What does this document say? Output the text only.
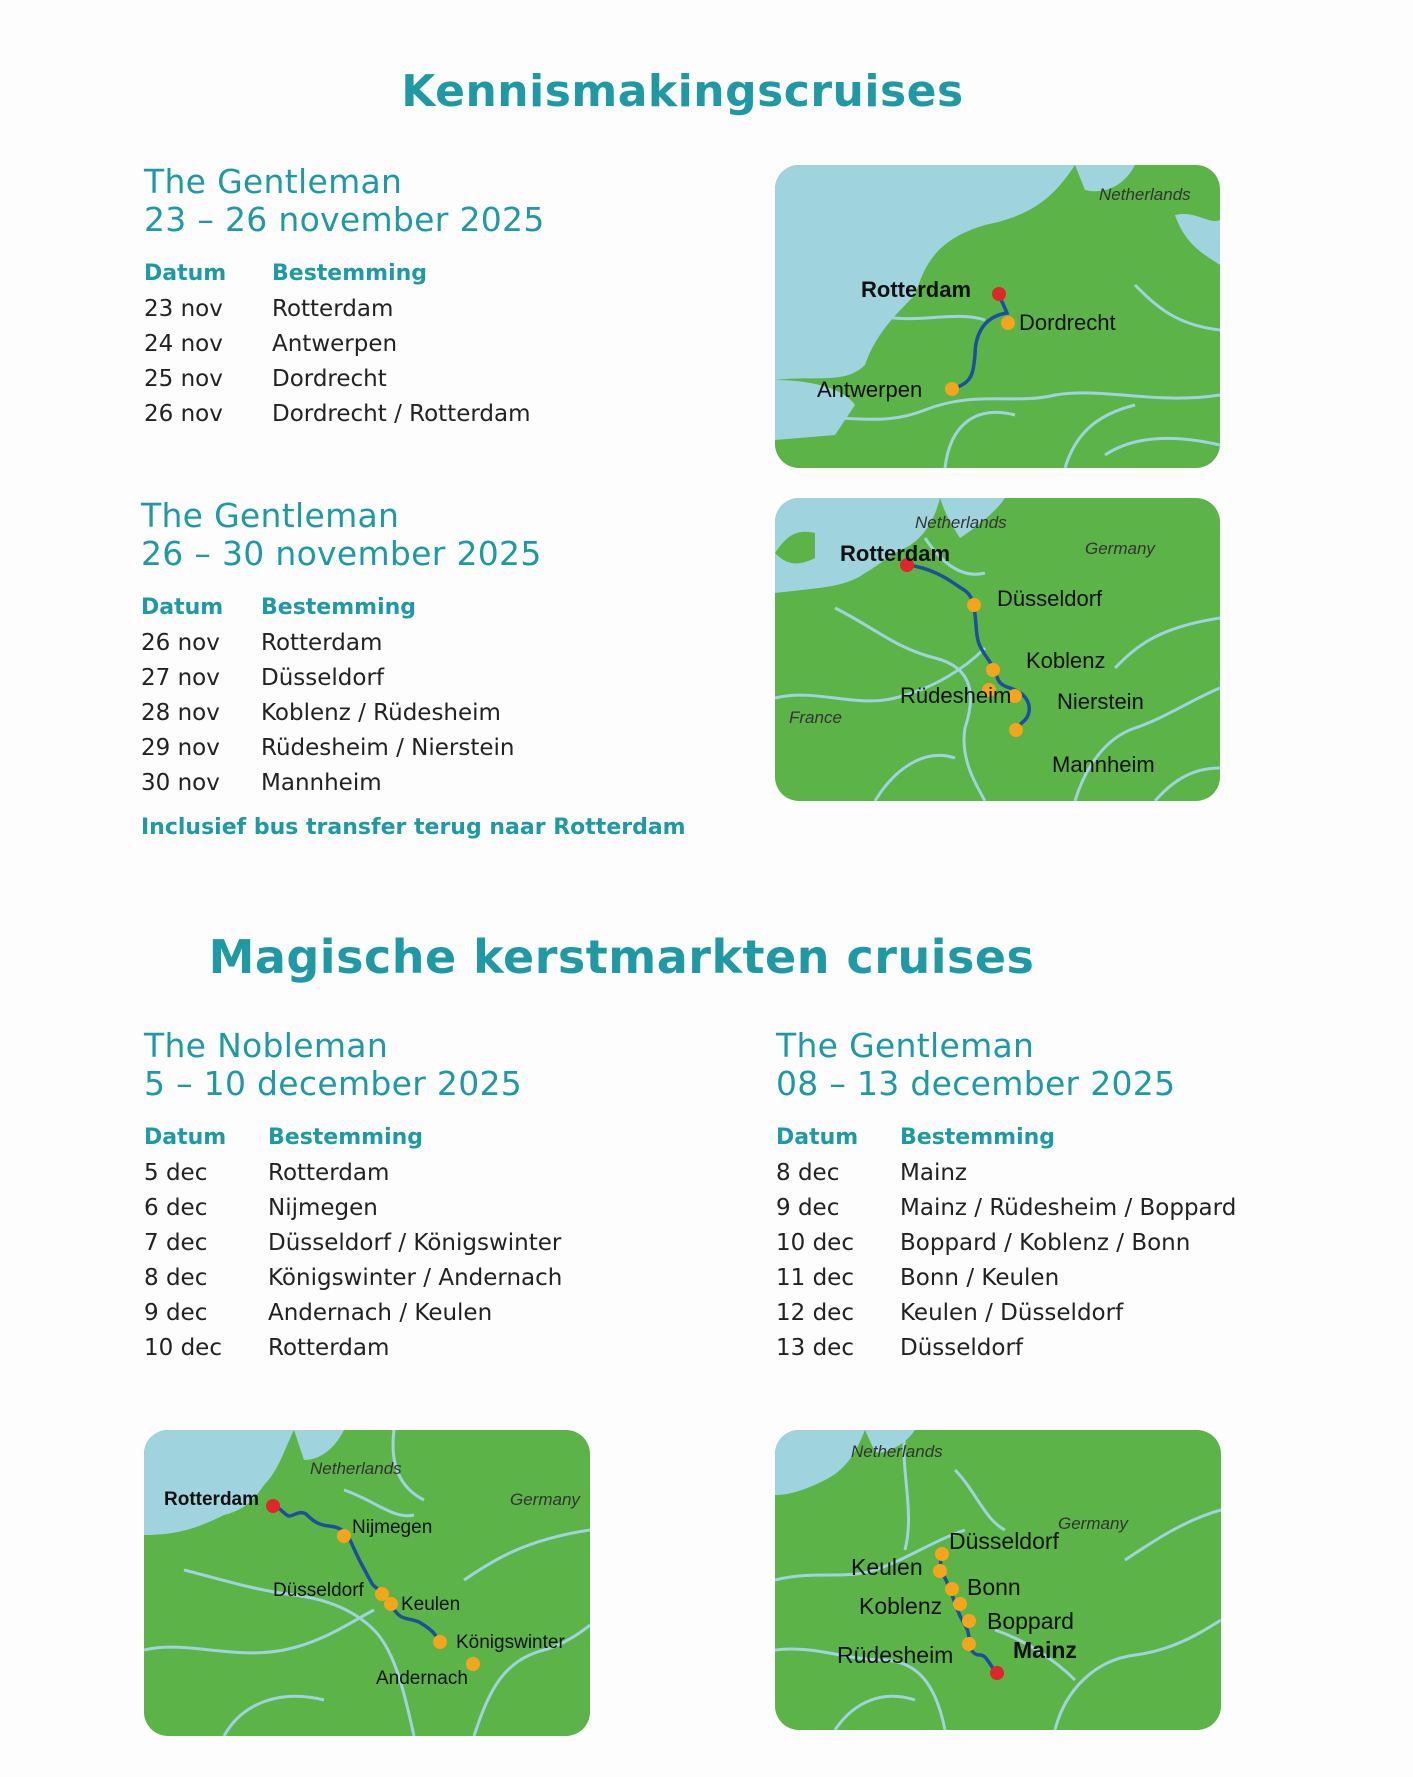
Kennismakingscruises
Magische kerstmarkten cruises
The Gentleman
23 – 26 november 2025
Datum	Bestemming
23 nov	Rotterdam
24 nov	Antwerpen
25 nov	Dordrecht
26 nov	Dordrecht / Rotterdam
The Gentleman
26 – 30 november 2025
Datum	Bestemming
26 nov	Rotterdam
27 nov	Düsseldorf
28 nov	Koblenz / Rüdesheim
29 nov	Rüdesheim / Nierstein
30 nov	Mannheim
Inclusief bus transfer terug naar Rotterdam
The Nobleman
5 – 10 december 2025
Datum	Bestemming
5 dec	Rotterdam
6 dec	Nijmegen
7 dec	Düsseldorf / Königswinter
8 dec	Königswinter / Andernach
9 dec	Andernach / Keulen
10 dec	Rotterdam
The Gentleman
08 – 13 december 2025
Datum	Bestemming
8 dec	Mainz
9 dec	Mainz / Rüdesheim / Boppard
10 dec	Boppard / Koblenz / Bonn
11 dec	Bonn / Keulen
12 dec	Keulen / Düsseldorf
13 dec	Düsseldorf
Netherlands
Rotterdam
Dordrecht
Antwerpen
Netherlands
Germany
France
Rotterdam
Düsseldorf
Koblenz
Rüdesheim Nierstein
Mannheim
Netherlands
Germany
Rotterdam
Nijmegen
Düsseldorf
Keulen
Königswinter
Andernach
Netherlands
Germany
Mainz
Düsseldorf
Keulen
Bonn
Koblenz
Boppard
Rüdesheim
